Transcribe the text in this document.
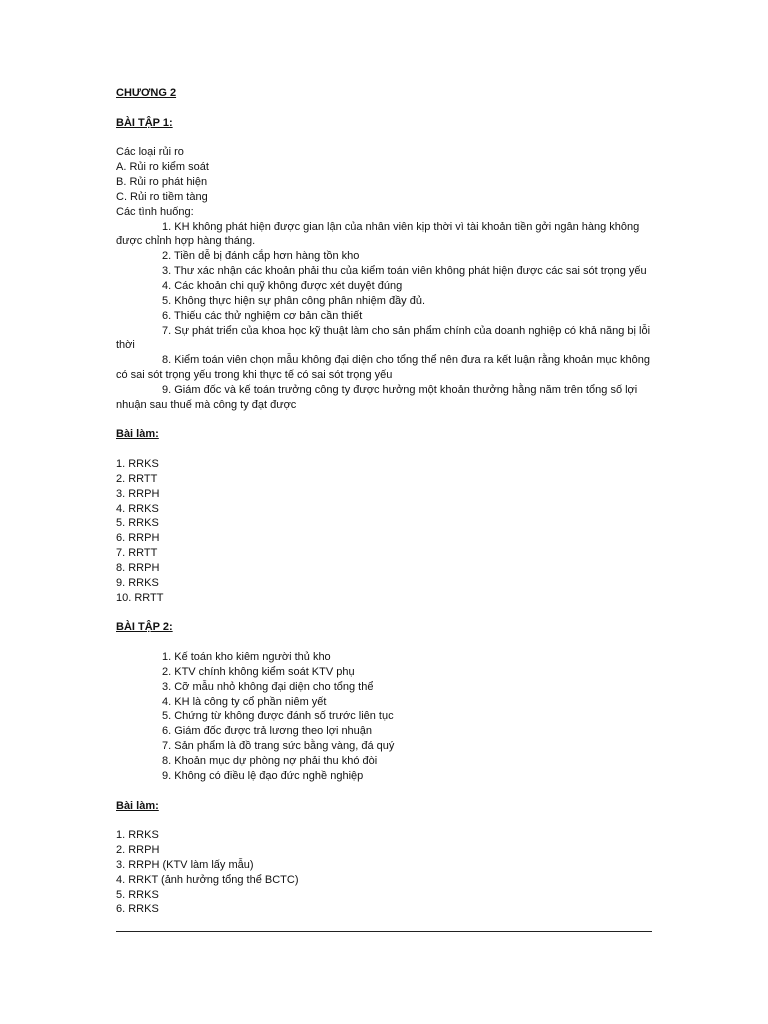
CHƯƠNG 2
BÀI TẬP 1:
Các loại rủi ro
A. Rủi ro kiểm soát
B. Rủi ro phát hiện
C. Rủi ro tiềm tàng
Các tình huống:
1. KH không phát hiện được gian lận của nhân viên kịp thời vì tài khoản tiền gởi ngân hàng không được chỉnh hợp hàng tháng.
2. Tiền dễ bị đánh cắp hơn hàng tồn kho
3. Thư xác nhận các khoản phải thu của kiểm toán viên không phát hiện được các sai sót trọng yếu
4. Các khoản chi quỹ không được xét duyệt đúng
5. Không thực hiện sự phân công phân nhiệm đầy đủ.
6. Thiếu các thử nghiệm cơ bản cần thiết
7. Sự phát triển của khoa học kỹ thuật làm cho sản phẩm chính của doanh nghiệp có khả năng bị lỗi thời
8. Kiểm toán viên chọn mẫu không đại diện cho tổng thể nên đưa ra kết luận rằng khoản mục không có sai sót trọng yếu trong khi thực tế có sai sót trọng yếu
9. Giám đốc và kế toán trưởng công ty được hưởng một khoản thưởng hằng năm trên tổng số lợi nhuận sau thuế mà công ty đạt được
Bài làm:
1. RRKS
2. RRTT
3. RRPH
4. RRKS
5. RRKS
6. RRPH
7. RRTT
8. RRPH
9. RRKS
10. RRTT
BÀI TẬP 2:
1. Kế toán kho kiêm người thủ kho
2. KTV chính không kiểm soát KTV phụ
3. Cỡ mẫu nhỏ không đại diện cho tổng thể
4. KH là công ty cổ phần niêm yết
5. Chứng từ không được đánh số trước liên tục
6. Giám đốc được trả lương theo lợi nhuận
7. Sản phẩm là đồ trang sức bằng vàng, đá quý
8. Khoản mục dự phòng nợ phải thu khó đòi
9. Không có điều lệ đạo đức nghề nghiệp
Bài làm:
1. RRKS
2. RRPH
3. RRPH (KTV làm lấy mẫu)
4. RRKT (ảnh hưởng tổng thể BCTC)
5. RRKS
6. RRKS
